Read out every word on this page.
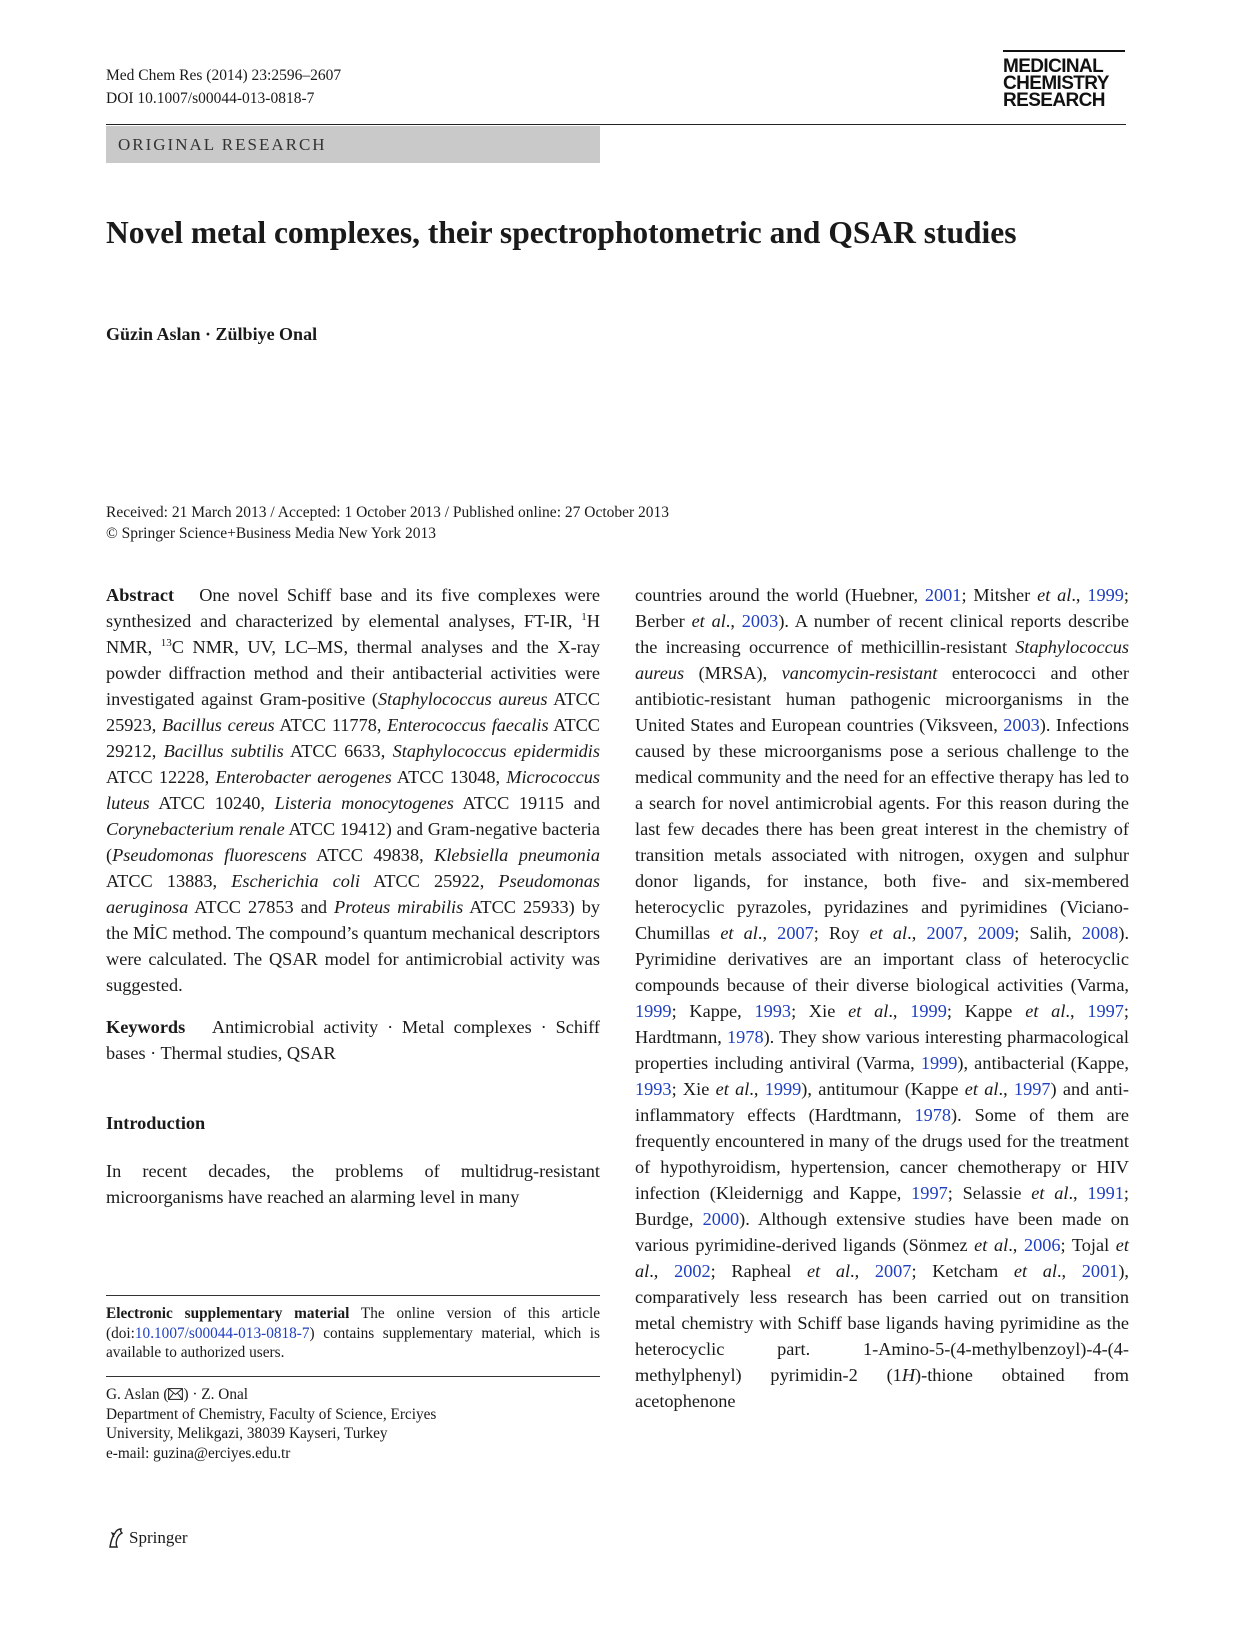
Med Chem Res (2014) 23:2596–2607
DOI 10.1007/s00044-013-0818-7
MEDICINAL
CHEMISTRY
RESEARCH
ORIGINAL RESEARCH
Novel metal complexes, their spectrophotometric and QSAR studies
Güzin Aslan · Zülbiye Onal
Received: 21 March 2013 / Accepted: 1 October 2013 / Published online: 27 October 2013
© Springer Science+Business Media New York 2013

Abstract One novel Schiff base and its five complexes were synthesized and characterized by elemental analyses, FT-IR, $^1$H NMR, $^{13}$C NMR, UV, LC–MS, thermal analyses and the X-ray powder diffraction method and their antibacterial activities were investigated against Gram-positive (Staphylococcus aureus ATCC 25923, Bacillus cereus ATCC 11778, Enterococcus faecalis ATCC 29212, Bacillus subtilis ATCC 6633, Staphylococcus epidermidis ATCC 12228, Enterobacter aerogenes ATCC 13048, Micrococcus luteus ATCC 10240, Listeria monocytogenes ATCC 19115 and Corynebacterium renale ATCC 19412) and Gram-negative bacteria (Pseudomonas fluorescens ATCC 49838, Klebsiella pneumonia ATCC 13883, Escherichia coli ATCC 25922, Pseudomonas aeruginosa ATCC 27853 and Proteus mirabilis ATCC 25933) by the MİC method. The compound’s quantum mechanical descriptors were calculated. The QSAR model for antimicrobial activity was suggested.

Keywords Antimicrobial activity · Metal complexes · Schiff bases · Thermal studies, QSAR

Introduction

In recent decades, the problems of multidrug-resistant microorganisms have reached an alarming level in many

countries around the world (Huebner, 2001; Mitsher et al., 1999; Berber et al., 2003). A number of recent clinical reports describe the increasing occurrence of methicillin-resistant Staphylococcus aureus (MRSA), vancomycin-resistant enterococci and other antibiotic-resistant human pathogenic microorganisms in the United States and European countries (Viksveen, 2003). Infections caused by these microorganisms pose a serious challenge to the medical community and the need for an effective therapy has led to a search for novel antimicrobial agents. For this reason during the last few decades there has been great interest in the chemistry of transition metals associated with nitrogen, oxygen and sulphur donor ligands, for instance, both five- and six-membered heterocyclic pyrazoles, pyridazines and pyrimidines (Viciano-Chumillas et al., 2007; Roy et al., 2007, 2009; Salih, 2008). Pyrimidine derivatives are an important class of heterocyclic compounds because of their diverse biological activities (Varma, 1999; Kappe, 1993; Xie et al., 1999; Kappe et al., 1997; Hardtmann, 1978). They show various interesting pharmacological properties including antiviral (Varma, 1999), antibacterial (Kappe, 1993; Xie et al., 1999), antitumour (Kappe et al., 1997) and anti-inflammatory effects (Hardtmann, 1978). Some of them are frequently encountered in many of the drugs used for the treatment of hypothyroidism, hypertension, cancer chemotherapy or HIV infection (Kleidernigg and Kappe, 1997; Selassie et al., 1991; Burdge, 2000). Although extensive studies have been made on various pyrimidine-derived ligands (Sönmez et al., 2006; Tojal et al., 2002; Rapheal et al., 2007; Ketcham et al., 2001), comparatively less research has been carried out on transition metal chemistry with Schiff base ligands having pyrimidine as the heterocyclic part. 1-Amino-5-(4-methylbenzoyl)-4-(4-methylphenyl) pyrimidin-2 (1H)-thione obtained from acetophenone

Electronic supplementary material The online version of this article (doi:10.1007/s00044-013-0818-7) contains supplementary material, which is available to authorized users.
G. Aslan ( ) · Z. Onal
Department of Chemistry, Faculty of Science, Erciyes
University, Melikgazi, 38039 Kayseri, Turkey
e-mail: guzina@erciyes.edu.tr
Springer
